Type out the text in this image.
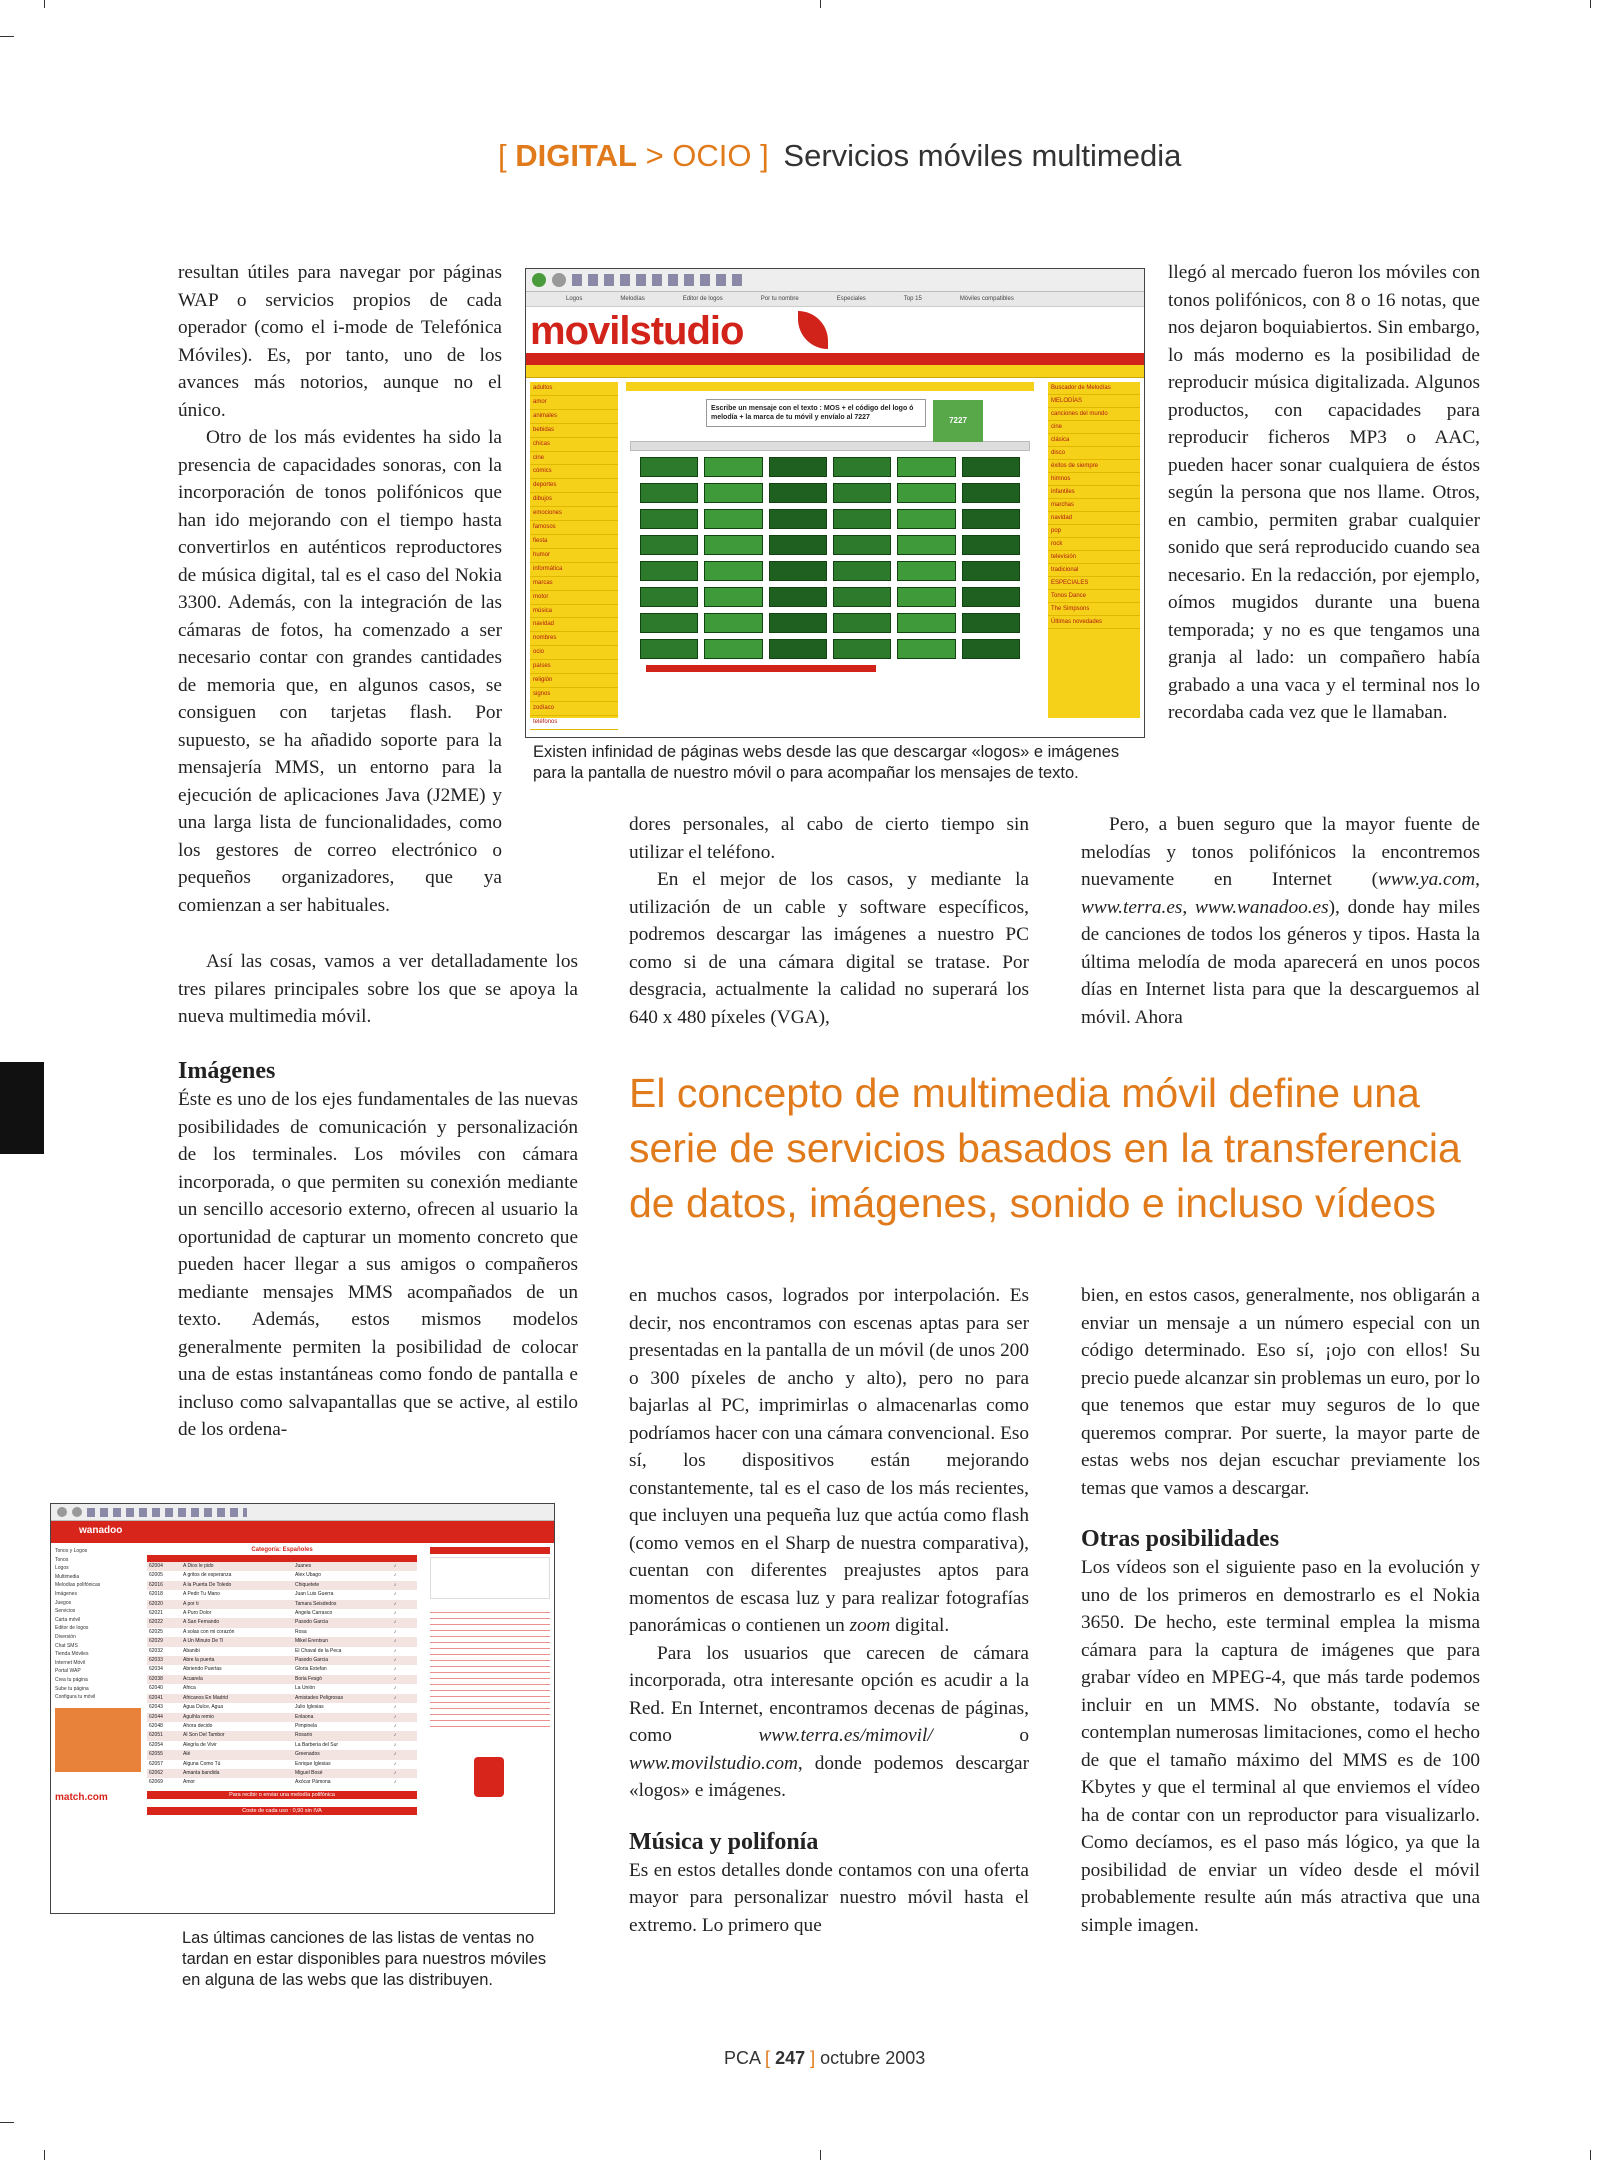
[ DIGITAL > OCIO ] Servicios móviles multimedia

resultan útiles para navegar por páginas WAP o servicios propios de cada operador (como el i-mode de Telefónica Móviles). Es, por tanto, uno de los avances más notorios, aunque no el único.

Otro de los más evidentes ha sido la presencia de capacidades sonoras, con la incorporación de tonos polifónicos que han ido mejorando con el tiempo hasta convertirlos en auténticos reproductores de música digital, tal es el caso del Nokia 3300. Además, con la integración de las cámaras de fotos, ha comenzado a ser necesario contar con grandes cantidades de memoria que, en algunos casos, se consiguen con tarjetas flash. Por supuesto, se ha añadido soporte para la mensajería MMS, un entorno para la ejecución de aplicaciones Java (J2ME) y una larga lista de funcionalidades, como los gestores de correo electrónico o pequeños organizadores, que ya comienzan a ser habituales.

Así las cosas, vamos a ver detalladamente los tres pilares principales sobre los que se apoya la nueva multimedia móvil.

Imágenes

Éste es uno de los ejes fundamentales de las nuevas posibilidades de comunicación y personalización de los terminales. Los móviles con cámara incorporada, o que permiten su conexión mediante un sencillo accesorio externo, ofrecen al usuario la oportunidad de capturar un momento concreto que pueden hacer llegar a sus amigos o compañeros mediante mensajes MMS acompañados de un texto. Además, estos mismos modelos generalmente permiten la posibilidad de colocar una de estas instantáneas como fondo de pantalla e incluso como salvapantallas que se active, al estilo de los ordena-

Logos	Melodías	Editor de logos	Por tu nombre	Especiales	Top 15	Móviles compatibles
movilstudio
adultos
amor
animales
bebidas
chicas
cine
cómics
deportes
dibujos
emociones
famosos
fiesta
humor
informática
marcas
motor
música
navidad
nombres
ocio
países
religión
signos
zodíaco
teléfonos
Escribe un mensaje con el texto : MOS + el código del logo ó melodía + la marca de tu móvil y envíalo al 7227	7227
Buscador de Melodías
MELODÍAS
canciones del mundo
cine
clásica
disco
éxitos de siempre
himnos
infantiles
marchas
navidad
pop
rock
televisión
tradicional
ESPECIALES
Tonos Dance
The Simpsons
Últimas novedades
Existen infinidad de páginas webs desde las que descargar «logos» e imágenes para la pantalla de nuestro móvil o para acompañar los mensajes de texto.

llegó al mercado fueron los móviles con tonos polifónicos, con 8 o 16 notas, que nos dejaron boquiabiertos. Sin embargo, lo más moderno es la posibilidad de reproducir música digitalizada. Algunos productos, con capacidades para reproducir ficheros MP3 o AAC, pueden hacer sonar cualquiera de éstos según la persona que nos llame. Otros, en cambio, permiten grabar cualquier sonido que será reproducido cuando sea necesario. En la redacción, por ejemplo, oímos mugidos durante una buena temporada; y no es que tengamos una granja al lado: un compañero había grabado a una vaca y el terminal nos lo recordaba cada vez que le llamaban.

Pero, a buen seguro que la mayor fuente de melodías y tonos polifónicos la encontremos nuevamente en Internet (www.ya.com, www.terra.es, www.wanadoo.es), donde hay miles de canciones de todos los géneros y tipos. Hasta la última melodía de moda aparecerá en unos pocos días en Internet lista para que la descarguemos al móvil. Ahora

dores personales, al cabo de cierto tiempo sin utilizar el teléfono.

En el mejor de los casos, y mediante la utilización de un cable y software específicos, podremos descargar las imágenes a nuestro PC como si de una cámara digital se tratase. Por desgracia, actualmente la calidad no superará los 640 x 480 píxeles (VGA),

El concepto de multimedia móvil define una serie de servicios basados en la transferencia de datos, imágenes, sonido e incluso vídeos
wanadoo
Tonos y Logos
Tonos
Logos
Multimedia
Melodías polifónicas
Imágenes
Juegos
Servicios
Carta móvil
Editor de logos
Diversión
Chat SMS
Tienda Móviles
Internet Móvil
Portal WAP
Crea tu página
Sube tu página
Configura tu móvil
match.com
Categoría: Españoles
62004	A Dios le pido	Juanes	♪
62005	A gritos de esperanza	Alex Ubago	♪
62016	A la Puerta De Toledo	Chiquetete	♪
62018	A Pedir Tu Mano	Juan Luis Guerra	♪
62020	A por ti	Tamara Seisdedos	♪
62021	A Puro Dolor	Angela Carrasco	♪
62022	A San Fernando	Pasodo Garcia	♪
62025	A solas con mi corazón	Rosa	♪
62029	A Un Minuto De Ti	Mikel Erentxun	♪
62032	Abanibi	El Chaval de la Peca	♪
62033	Abre la puerta	Pasodo Garcia	♪
62034	Abriendo Puertas	Gloria Estefan	♪
62038	Acuarela	Boria Fesgó	♪
62040	Africa	La Unión	♪
62041	Africanos En Madrid	Amistades Peligrosas	♪
62043	Agua Dulce, Agua	Julio Iglesias	♪
62044	Aguíhla remio	Enlaona	♪
62048	Ahora decido	Pimpinela	♪
62051	Al Son Del Tambor	Rosario	♪
62054	Alegría de Vivir	La Barberia del Sur	♪
62055	Alé	Greenados	♪
62057	Alguna Como Tú	Enrique Iglesias	♪
62062	Amanta bandida	Miguel Bosé	♪
62069	Amor	Axócar Pámona	♪
Para recibir o enviar una melodía polifónica
Coste de cada uso : 0,90 sin IVA
Las últimas canciones de las listas de ventas no tardan en estar disponibles para nuestros móviles en alguna de las webs que las distribuyen.

en muchos casos, logrados por interpolación. Es decir, nos encontramos con escenas aptas para ser presentadas en la pantalla de un móvil (de unos 200 o 300 píxeles de ancho y alto), pero no para bajarlas al PC, imprimirlas o almacenarlas como podríamos hacer con una cámara convencional. Eso sí, los dispositivos están mejorando constantemente, tal es el caso de los más recientes, que incluyen una pequeña luz que actúa como flash (como vemos en el Sharp de nuestra comparativa), cuentan con diferentes preajustes aptos para momentos de escasa luz y para realizar fotografías panorámicas o contienen un zoom digital.

Para los usuarios que carecen de cámara incorporada, otra interesante opción es acudir a la Red. En Internet, encontramos decenas de páginas, como www.terra.es/mimovil/ o www.movilstudio.com, donde podemos descargar «logos» e imágenes.

Música y polifonía

Es en estos detalles donde contamos con una oferta mayor para personalizar nuestro móvil hasta el extremo. Lo primero que

bien, en estos casos, generalmente, nos obligarán a enviar un mensaje a un número especial con un código determinado. Eso sí, ¡ojo con ellos! Su precio puede alcanzar sin problemas un euro, por lo que tenemos que estar muy seguros de lo que queremos comprar. Por suerte, la mayor parte de estas webs nos dejan escuchar previamente los temas que vamos a descargar.

Otras posibilidades

Los vídeos son el siguiente paso en la evolución y uno de los primeros en demostrarlo es el Nokia 3650. De hecho, este terminal emplea la misma cámara para la captura de imágenes que para grabar vídeo en MPEG-4, que más tarde podemos incluir en un MMS. No obstante, todavía se contemplan numerosas limitaciones, como el hecho de que el tamaño máximo del MMS es de 100 Kbytes y que el terminal al que enviemos el vídeo ha de contar con un reproductor para visualizarlo. Como decíamos, es el paso más lógico, ya que la posibilidad de enviar un vídeo desde el móvil probablemente resulte aún más atractiva que una simple imagen.

PCA [ 247 ] octubre 2003
